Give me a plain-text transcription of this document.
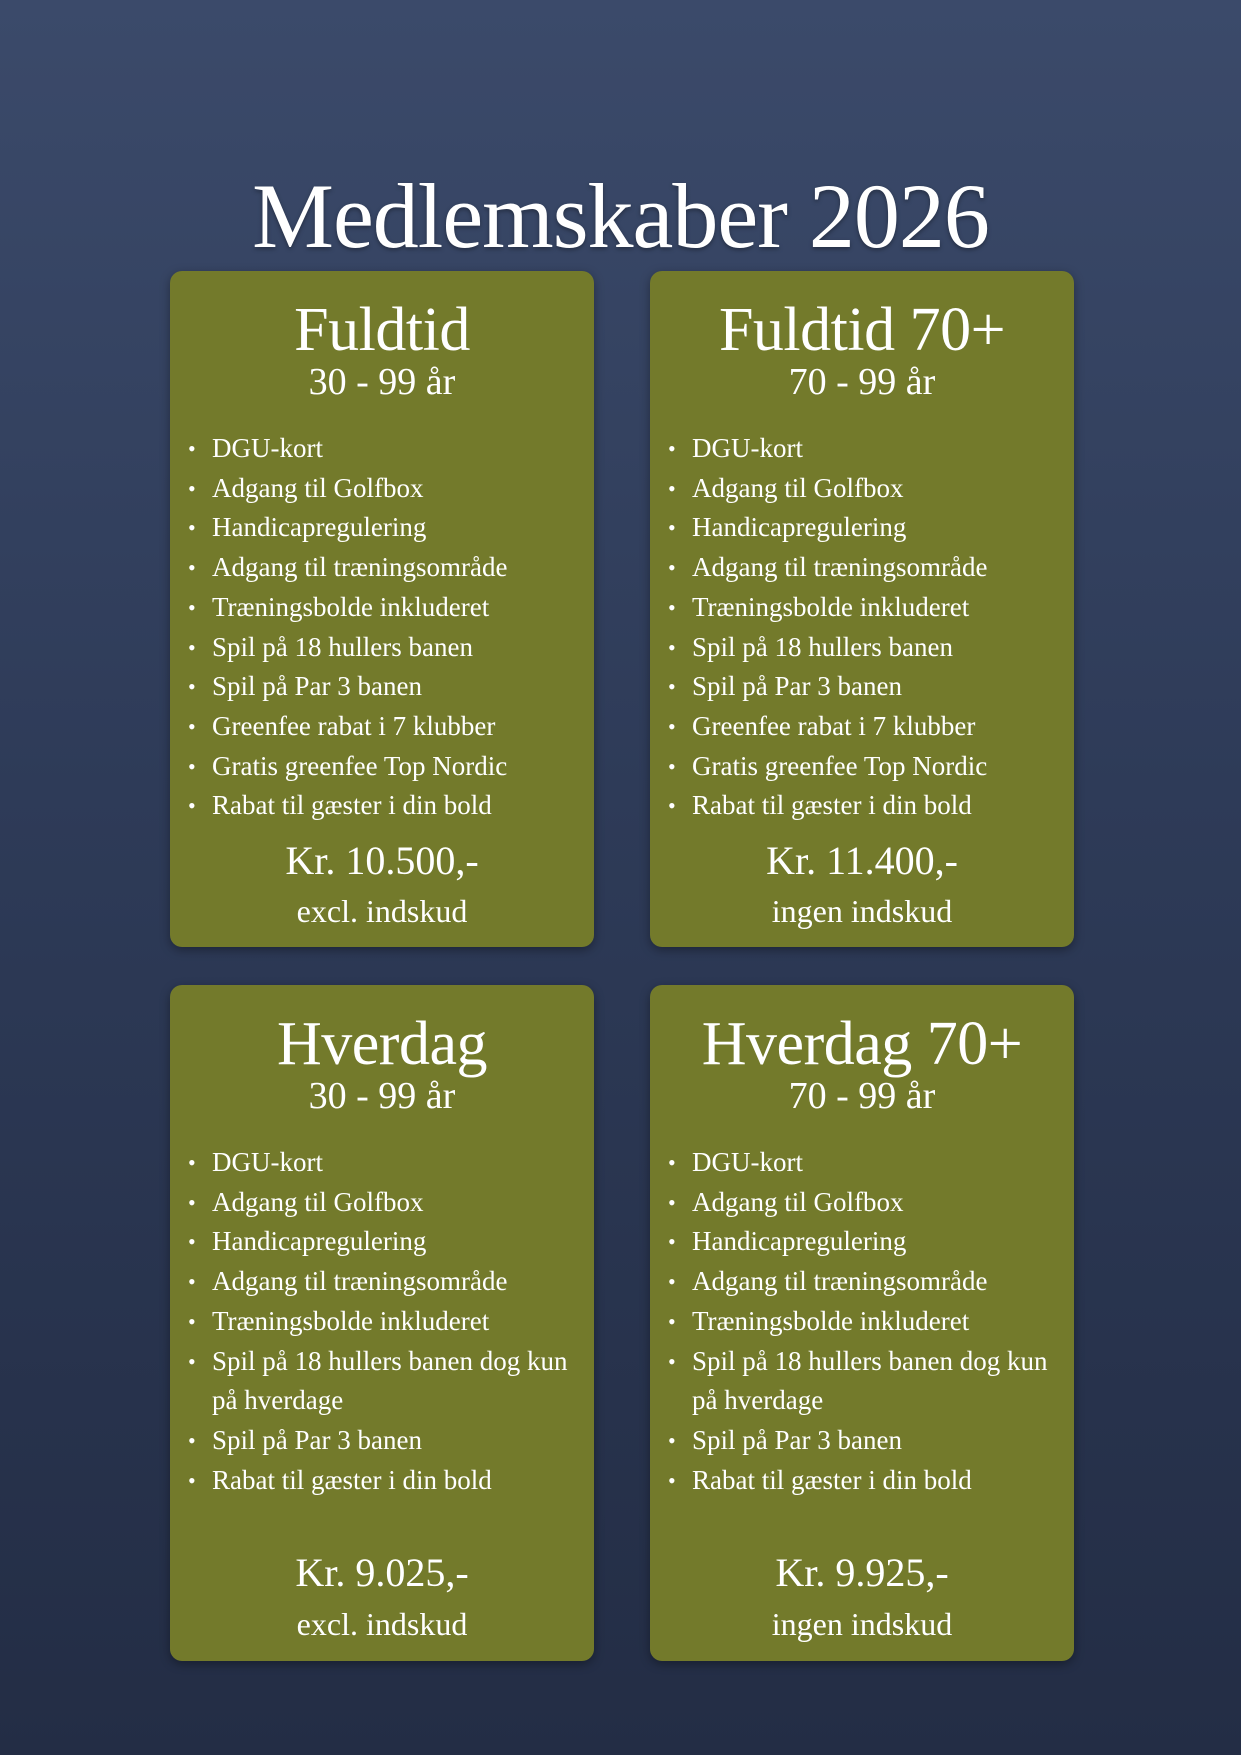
Medlemskaber 2026
Fuldtid
30 - 99 år
• DGU-kort
• Adgang til Golfbox
• Handicapregulering
• Adgang til træningsområde
• Træningsbolde inkluderet
• Spil på 18 hullers banen
• Spil på Par 3 banen
• Greenfee rabat i 7 klubber
• Gratis greenfee Top Nordic
• Rabat til gæster i din bold
Kr. 10.500,-
excl. indskud
Fuldtid 70+
70 - 99 år
• DGU-kort
• Adgang til Golfbox
• Handicapregulering
• Adgang til træningsområde
• Træningsbolde inkluderet
• Spil på 18 hullers banen
• Spil på Par 3 banen
• Greenfee rabat i 7 klubber
• Gratis greenfee Top Nordic
• Rabat til gæster i din bold
Kr. 11.400,-
ingen indskud
Hverdag
30 - 99 år
• DGU-kort
• Adgang til Golfbox
• Handicapregulering
• Adgang til træningsområde
• Træningsbolde inkluderet
• Spil på 18 hullers banen dog kun på hverdage
• Spil på Par 3 banen
• Rabat til gæster i din bold
Kr. 9.025,-
excl. indskud
Hverdag 70+
70 - 99 år
• DGU-kort
• Adgang til Golfbox
• Handicapregulering
• Adgang til træningsområde
• Træningsbolde inkluderet
• Spil på 18 hullers banen dog kun på hverdage
• Spil på Par 3 banen
• Rabat til gæster i din bold
Kr. 9.925,-
ingen indskud
